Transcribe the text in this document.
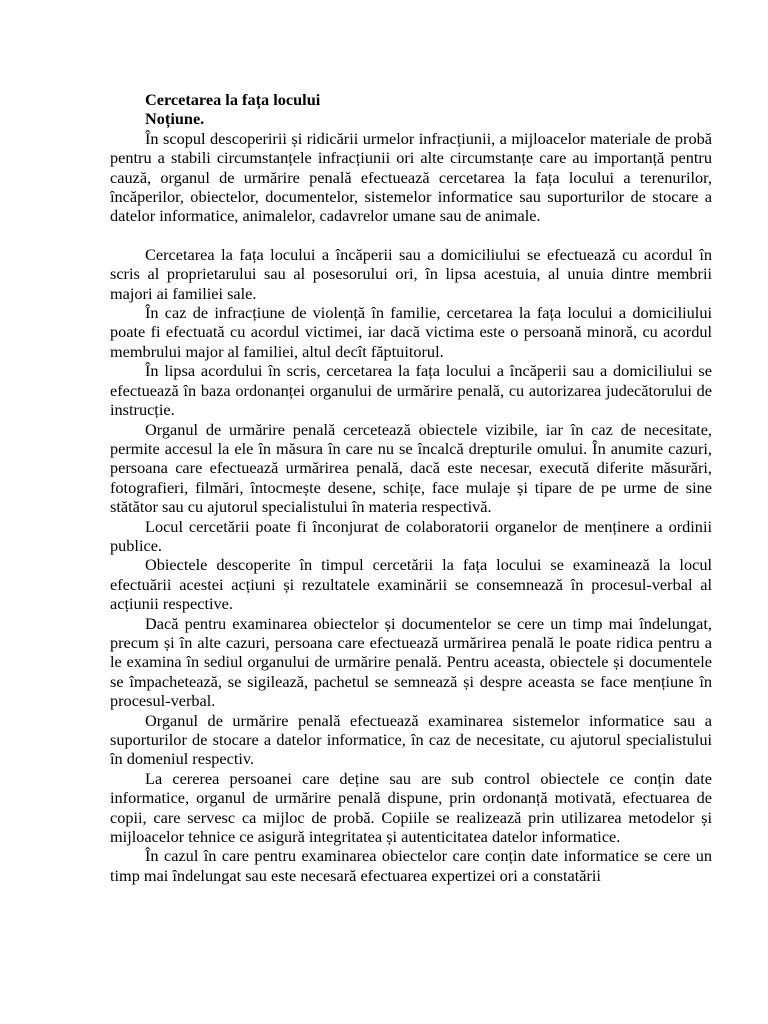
Cercetarea la fața locului

Noțiune.

În scopul descoperirii și ridicării urmelor infracțiunii, a mijloacelor materiale de probă pentru a stabili circumstanțele infracțiunii ori alte circumstanțe care au importanță pentru cauză, organul de urmărire penală efectuează cercetarea la fața locului a terenurilor, încăperilor, obiectelor, documentelor, sistemelor informatice sau suporturilor de stocare a datelor informatice, animalelor, cadavrelor umane sau de animale.

Cercetarea la fața locului a încăperii sau a domiciliului se efectuează cu acordul în scris al proprietarului sau al posesorului ori, în lipsa acestuia, al unuia dintre membrii majori ai familiei sale.

În caz de infracțiune de violență în familie, cercetarea la fața locului a domiciliului poate fi efectuată cu acordul victimei, iar dacă victima este o persoană minoră, cu acordul membrului major al familiei, altul decît făptuitorul.

În lipsa acordului în scris, cercetarea la fața locului a încăperii sau a domiciliului se efectuează în baza ordonanței organului de urmărire penală, cu autorizarea judecătorului de instrucție.

Organul de urmărire penală cercetează obiectele vizibile, iar în caz de necesitate, permite accesul la ele în măsura în care nu se încalcă drepturile omului. În anumite cazuri, persoana care efectuează urmărirea penală, dacă este necesar, execută diferite măsurări, fotografieri, filmări, întocmește desene, schițe, face mulaje și tipare de pe urme de sine stătător sau cu ajutorul specialistului în materia respectivă.

Locul cercetării poate fi înconjurat de colaboratorii organelor de menținere a ordinii publice.

Obiectele descoperite în timpul cercetării la fața locului se examinează la locul efectuării acestei acțiuni și rezultatele examinării se consemnează în procesul-verbal al acțiunii respective.

Dacă pentru examinarea obiectelor și documentelor se cere un timp mai îndelungat, precum și în alte cazuri, persoana care efectuează urmărirea penală le poate ridica pentru a le examina în sediul organului de urmărire penală. Pentru aceasta, obiectele și documentele se împachetează, se sigilează, pachetul se semnează și despre aceasta se face mențiune în procesul-verbal.

Organul de urmărire penală efectuează examinarea sistemelor informatice sau a suporturilor de stocare a datelor informatice, în caz de necesitate, cu ajutorul specialistului în domeniul respectiv.

La cererea persoanei care deține sau are sub control obiectele ce conțin date informatice, organul de urmărire penală dispune, prin ordonanță motivată, efectuarea de copii, care servesc ca mijloc de probă. Copiile se realizează prin utilizarea metodelor și mijloacelor tehnice ce asigură integritatea și autenticitatea datelor informatice.

În cazul în care pentru examinarea obiectelor care conțin date informatice se cere un timp mai îndelungat sau este necesară efectuarea expertizei ori a constatării
